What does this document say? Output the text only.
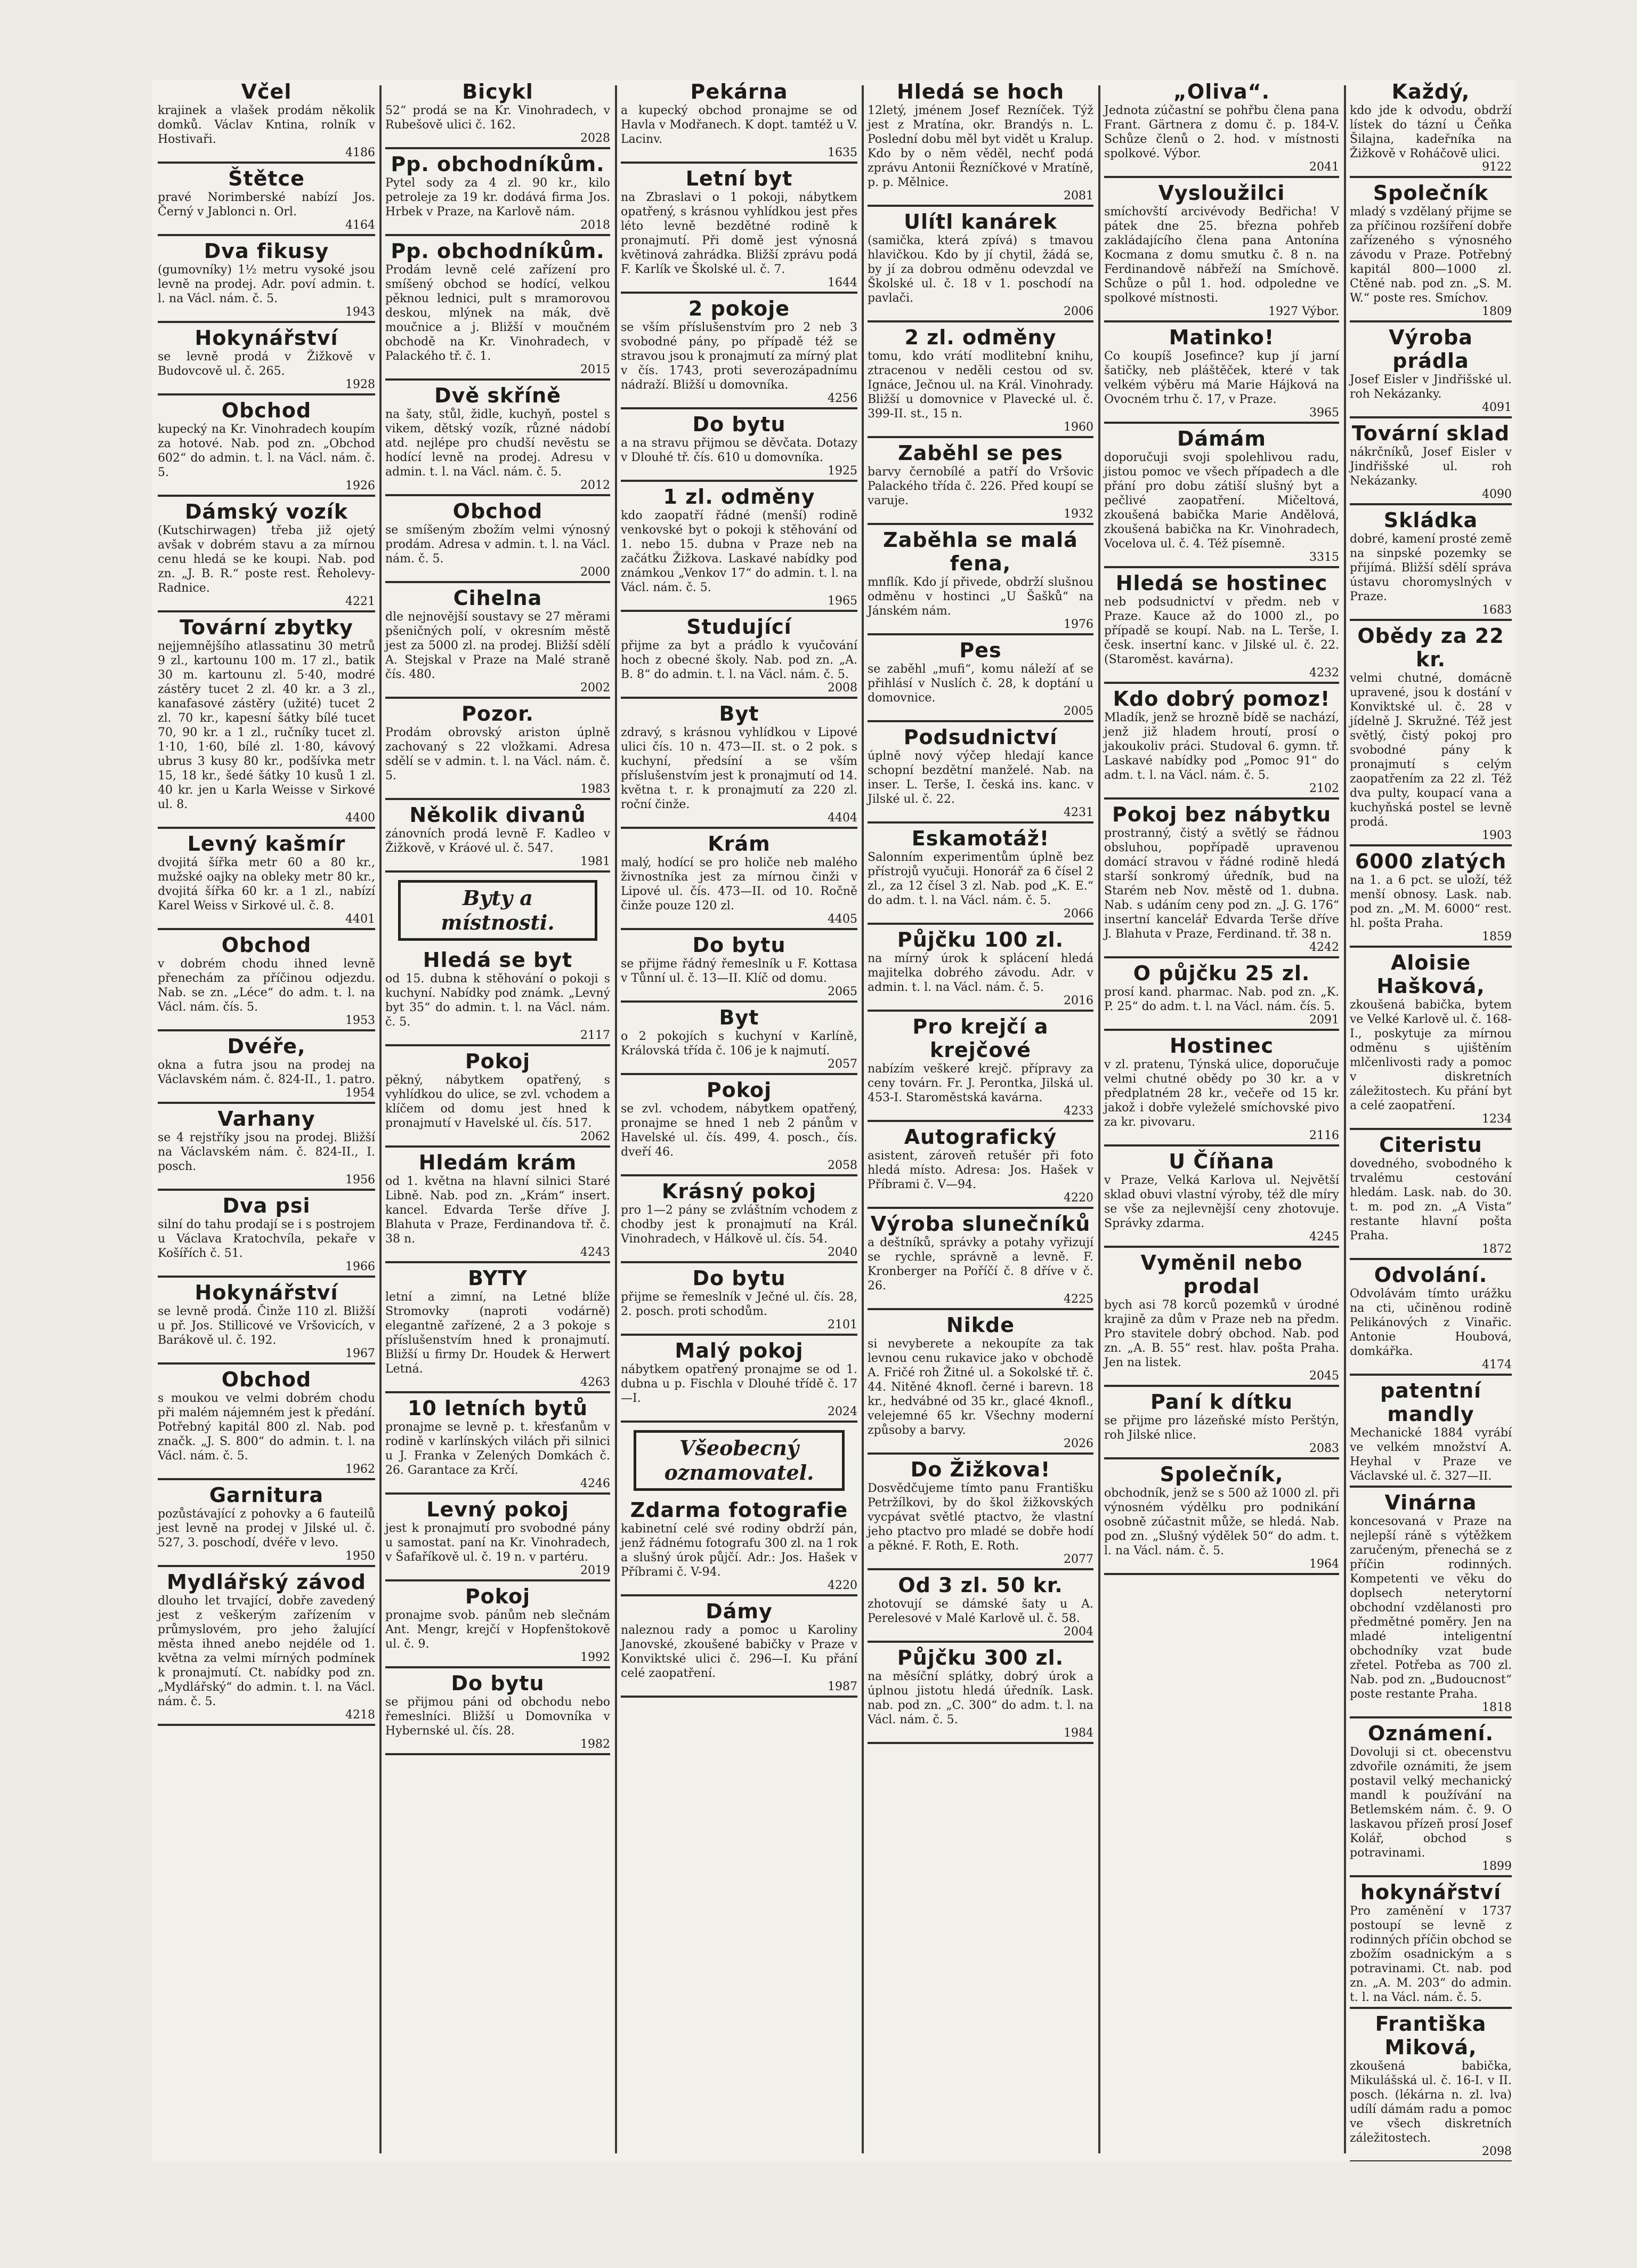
Včel

krajinek a vlašek prodám několik domků. Václav Kntina, rolník v Hostivaři.

4186
Štětce

pravé Norimberské nabízí Jos. Černý v Jablonci n. Orl.

4164
Dva fikusy

(gumovníky) 1½ metru vysoké jsou levně na prodej. Adr. poví admin. t. l. na Václ. nám. č. 5.

1943
Hokynářství

se levně prodá v Žižkově v Budovcově ul. č. 265.

1928
Obchod

kupecký na Kr. Vinohradech koupím za hotové. Nab. pod zn. „Obchod 602“ do admin. t. l. na Václ. nám. č. 5.

1926
Dámský vozík

(Kutschirwagen) třeba již ojetý avšak v dobrém stavu a za mírnou cenu hledá se ke koupi. Nab. pod zn. „J. B. R.“ poste rest. Řeholevy-Radnice.

4221
Tovární zbytky

nejjemnějšího atlassatinu 30 metrů 9 zl., kartounu 100 m. 17 zl., batik 30 m. kartounu zl. 5·40, modré zástěry tucet 2 zl. 40 kr. a 3 zl., kanafasové zástěry (užité) tucet 2 zl. 70 kr., kapesní šátky bílé tucet 70, 90 kr. a 1 zl., ručníky tucet zl. 1·10, 1·60, bílé zl. 1·80, kávový ubrus 3 kusy 80 kr., podšívka metr 15, 18 kr., šedé šátky 10 kusů 1 zl. 40 kr. jen u Karla Weisse v Sirkové ul. 8.

4400
Levný kašmír

dvojitá šířka metr 60 a 80 kr., mužské oajky na obleky metr 80 kr., dvojitá šířka 60 kr. a 1 zl., nabízí Karel Weiss v Sirkové ul. č. 8.

4401
Obchod

v dobrém chodu ihned levně přenechám za příčinou odjezdu. Nab. se zn. „Léce“ do adm. t. l. na Václ. nám. čís. 5.

1953
Dvéře,

okna a futra jsou na prodej na Václavském nám. č. 824-II., 1. patro.

1954
Varhany

se 4 rejstříky jsou na prodej. Bližší na Václavském nám. č. 824-II., I. posch.

1956
Dva psi

silní do tahu prodají se i s postrojem u Václava Kratochvíla, pekaře v Košířích č. 51.

1966
Hokynářství

se levně prodá. Činže 110 zl. Bližší u př. Jos. Stillicové ve Vršovicích, v Barákově ul. č. 192.

1967
Obchod

s moukou ve velmi dobrém chodu při malém nájemném jest k předání. Potřebný kapitál 800 zl. Nab. pod značk. „J. S. 800“ do admin. t. l. na Václ. nám. č. 5.

1962
Garnitura

pozůstávající z pohovky a 6 fauteilů jest levně na prodej v Jilské ul. č. 527, 3. poschodí, dvéře v levo.

1950
Mydlářský závod

dlouho let trvající, dobře zavedený jest z veškerým zařízením v průmyslovém, pro jeho žalující města ihned anebo nejdéle od 1. května za velmi mírných podmínek k pronajmutí. Ct. nabídky pod zn. „Mydlářský“ do admin. t. l. na Václ. nám. č. 5.

4218
Bicykl

52“ prodá se na Kr. Vinohradech, v Rubešově ulici č. 162.

2028
Pp. obchodníkům.

Pytel sody za 4 zl. 90 kr., kilo petroleje za 19 kr. dodává firma Jos. Hrbek v Praze, na Karlově nám.

2018
Pp. obchodníkům.

Prodám levně celé zařízení pro smíšený obchod se hodící, velkou pěknou lednici, pult s mramorovou deskou, mlýnek na mák, dvě moučnice a j. Bližší v moučném obchodě na Kr. Vinohradech, v Palackého tř. č. 1.

2015
Dvě skříně

na šaty, stůl, židle, kuchyň, postel s vikem, dětský vozík, různé nádobí atd. nejlépe pro chudší nevěstu se hodící levně na prodej. Adresu v admin. t. l. na Václ. nám. č. 5.

2012
Obchod

se smíšeným zbožím velmi výnosný prodám. Adresa v admin. t. l. na Václ. nám. č. 5.

2000
Cihelna

dle nejnovější soustavy se 27 měrami pšeničných polí, v okresním městě jest za 5000 zl. na prodej. Bližší sdělí A. Stejskal v Praze na Malé straně čís. 480.

2002
Pozor.

Prodám obrovský ariston úplně zachovaný s 22 vložkami. Adresa sdělí se v admin. t. l. na Václ. nám. č. 5.

1983
Několik divanů

zánovních prodá levně F. Kadleo v Žižkově, v Kráové ul. č. 547.

1981
Byty a místnosti.
Hledá se byt

od 15. dubna k stěhování o pokoji s kuchyní. Nabídky pod známk. „Levný byt 35“ do admin. t. l. na Václ. nám. č. 5.

2117
Pokoj

pěkný, nábytkem opatřený, s vyhlídkou do ulice, se zvl. vchodem a klíčem od domu jest hned k pronajmutí v Havelské ul. čís. 517.

2062
Hledám krám

od 1. května na hlavní silnici Staré Libně. Nab. pod zn. „Krám“ insert. kancel. Edvarda Terše dříve J. Blahuta v Praze, Ferdinandova tř. č. 38 n.

4243
BYTY

letní a zimní, na Letné blíže Stromovky (naproti vodárně) elegantně zařízené, 2 a 3 pokoje s příslušenstvím hned k pronajmutí. Bližší u firmy Dr. Houdek & Herwert Letná.

4263
10 letních bytů

pronajme se levně p. t. křesťanům v rodině v karlínských vilách při silnici u J. Franka v Zelených Domkách č. 26. Garantace za Krčí.

4246
Levný pokoj

jest k pronajmutí pro svobodné pány u samostat. paní na Kr. Vinohradech, v Šafaříkově ul. č. 19 n. v partéru.

2019
Pokoj

pronajme svob. pánům neb slečnám Ant. Mengr, krejčí v Hopfenštokově ul. č. 9.

1992
Do bytu

se přijmou páni od obchodu nebo řemeslníci. Bližší u Domovníka v Hybernské ul. čís. 28.

1982
Pekárna

a kupecký obchod pronajme se od Havla v Modřanech. K dopt. tamtéž u V. Lacinv.

1635
Letní byt

na Zbraslavi o 1 pokoji, nábytkem opatřený, s krásnou vyhlídkou jest přes léto levně bezdětné rodině k pronajmutí. Při domě jest výnosná květinová zahrádka. Bližší zprávu podá F. Karlík ve Školské ul. č. 7.

1644
2 pokoje

se vším příslušenstvím pro 2 neb 3 svobodné pány, po případě též se stravou jsou k pronajmutí za mírný plat v čís. 1743, proti severozápadnímu nádraží. Bližší u domovníka.

4256
Do bytu

a na stravu přijmou se děvčata. Dotazy v Dlouhé tř. čís. 610 u domovníka.

1925
1 zl. odměny

kdo zaopatří řádné (menší) rodině venkovské byt o pokoji k stěhování od 1. nebo 15. dubna v Praze neb na začátku Žižkova. Laskavé nabídky pod známkou „Venkov 17“ do admin. t. l. na Václ. nám. č. 5.

1965
Studující

přijme za byt a prádlo k vyučování hoch z obecné školy. Nab. pod zn. „A. B. 8“ do admin. t. l. na Václ. nám. č. 5.

2008
Byt

zdravý, s krásnou vyhlídkou v Lipové ulici čís. 10 n. 473—II. st. o 2 pok. s kuchyní, předsíní a se vším příslušenstvím jest k pronajmutí od 14. května t. r. k pronajmutí za 220 zl. roční činže.

4404
Krám

malý, hodící se pro holiče neb malého živnostníka jest za mírnou činži v Lipové ul. čís. 473—II. od 10. Ročně činže pouze 120 zl.

4405
Do bytu

se přijme řádný řemeslník u F. Kottasa v Tůnní ul. č. 13—II. Klíč od domu.

2065
Byt

o 2 pokojích s kuchyní v Karlíně, Královská třída č. 106 je k najmutí.

2057
Pokoj

se zvl. vchodem, nábytkem opatřený, pronajme se hned 1 neb 2 pánům v Havelské ul. čís. 499, 4. posch., čís. dveří 46.

2058
Krásný pokoj

pro 1—2 pány se zvláštním vchodem z chodby jest k pronajmutí na Král. Vinohradech, v Hálkově ul. čís. 54.

2040
Do bytu

přijme se řemeslník v Ječné ul. čís. 28, 2. posch. proti schodům.

2101
Malý pokoj

nábytkem opatřený pronajme se od 1. dubna u p. Fischla v Dlouhé třídě č. 17—I.

2024
Všeobecný oznamovatel.
Zdarma fotografie

kabinetní celé své rodiny obdrží pán, jenž řádnému fotografu 300 zl. na 1 rok a slušný úrok půjčí. Adr.: Jos. Hašek v Příbrami č. V-94.

4220
Dámy

naleznou rady a pomoc u Karoliny Janovské, zkoušené babičky v Praze v Konviktské ulici č. 296—I. Ku přání celé zaopatření.

1987
Hledá se hoch

12letý, jménem Josef Rezníček. Týž jest z Mratína, okr. Brandýs n. L. Poslední dobu měl byt vidět u Kralup. Kdo by o něm věděl, nechť podá zprávu Antonii Řezníčkové v Mratíně, p. p. Mělnice.

2081
Ulítl kanárek

(samička, která zpívá) s tmavou hlavičkou. Kdo by jí chytil, žádá se, by jí za dobrou odměnu odevzdal ve Školské ul. č. 18 v 1. poschodí na pavlači.

2006
2 zl. odměny

tomu, kdo vrátí modlitební knihu, ztracenou v neděli cestou od sv. Ignáce, Ječnou ul. na Král. Vinohrady. Bližší u domovnice v Plavecké ul. č. 399-II. st., 15 n.

1960
Zaběhl se pes

barvy černobílé a patří do Vršovic Palackého třída č. 226. Před koupí se varuje.

1932
Zaběhla se malá fena,

mnflík. Kdo jí přivede, obdrží slušnou odměnu v hostinci „U Šašků“ na Jánském nám.

1976
Pes

se zaběhl „mufi“, komu náleží ať se přihlásí v Nuslích č. 28, k doptání u domovnice.

2005
Podsudnictví

úplně nový výčep hledají kance schopní bezdětní manželé. Nab. na inser. L. Terše, I. česká ins. kanc. v Jilské ul. č. 22.

4231
Eskamotáž!

Salonním experimentům úplně bez přístrojů vyučuji. Honorář za 6 čísel 2 zl., za 12 čísel 3 zl. Nab. pod „K. E.“ do adm. t. l. na Václ. nám. č. 5.

2066
Půjčku 100 zl.

na mírný úrok k splácení hledá majitelka dobrého závodu. Adr. v admin. t. l. na Václ. nám. č. 5.

2016
Pro krejčí a krejčové

nabízím veškeré krejč. přípravy za ceny továrn. Fr. J. Perontka, Jilská ul. 453-I. Staroměstská kavárna.

4233
Autografický

asistent, zároveň retušér při foto hledá místo. Adresa: Jos. Hašek v Příbrami č. V—94.

4220
Výroba slunečníků

a deštníků, správky a potahy vyřizují se rychle, správně a levně. F. Kronberger na Poříčí č. 8 dříve v č. 26.

4225
Nikde

si nevyberete a nekoupíte za tak levnou cenu rukavice jako v obchodě A. Fričé roh Žitné ul. a Sokolské tř. č. 44. Nitěné 4knofl. černé i barevn. 18 kr., hedvábné od 35 kr., glacé 4knofl., velejemné 65 kr. Všechny moderní způsoby a barvy.

2026
Do Žižkova!

Dosvědčujeme tímto panu Františku Petržílkovi, by do škol žižkovských vycpávat světlé ptactvo, že vlastní jeho ptactvo pro mladé se dobře hodí a pěkné. F. Roth, E. Roth.

2077
Od 3 zl. 50 kr.

zhotovují se dámské šaty u A. Perelesové v Malé Karlově ul. č. 58.

2004
Půjčku 300 zl.

na měsíční splátky, dobrý úrok a úplnou jistotu hledá úředník. Lask. nab. pod zn. „C. 300“ do adm. t. l. na Václ. nám. č. 5.

1984
„Oliva“.

Jednota zúčastní se pohřbu člena pana Frant. Gärtnera z domu č. p. 184-V. Schůze členů o 2. hod. v místnosti spolkové. Výbor.

2041
Vysloužilci

smíchovští arcivévody Bedřicha! V pátek dne 25. března pohřeb zakládajícího člena pana Antonína Kocmana z domu smutku č. 8 n. na Ferdinandově nábřeží na Smíchově. Schůze o půl 1. hod. odpoledne ve spolkové místnosti.

1927 Výbor.
Matinko!

Co koupíš Josefince? kup jí jarní šatičky, neb pláštěček, které v tak velkém výběru má Marie Hájková na Ovocném trhu č. 17, v Praze.

3965
Dámám

doporučuji svoji spolehlivou radu, jistou pomoc ve všech případech a dle přání pro dobu zátiší slušný byt a pečlivé zaopatření. Mičeltová, zkoušená babička Marie Andělová, zkoušená babička na Kr. Vinohradech, Vocelova ul. č. 4. Též písemně.

3315
Hledá se hostinec

neb podsudnictví v předm. neb v Praze. Kauce až do 1000 zl., po případě se koupí. Nab. na L. Terše, I. česk. insertní kanc. v Jilské ul. č. 22. (Staroměst. kavárna).

4232
Kdo dobrý pomoz!

Mladík, jenž se hrozně bídě se nachází, jenž již hladem hroutí, prosí o jakoukoliv práci. Studoval 6. gymn. tř. Laskavé nabídky pod „Pomoc 91“ do adm. t. l. na Václ. nám. č. 5.

2102
Pokoj bez nábytku

prostranný, čistý a světlý se řádnou obsluhou, popřípadě upravenou domácí stravou v řádné rodině hledá starší sonkromý úředník, bud na Starém neb Nov. městě od 1. dubna. Nab. s udáním ceny pod zn. „J. G. 176“ insertní kancelář Edvarda Terše dříve J. Blahuta v Praze, Ferdinand. tř. 38 n.

4242
O půjčku 25 zl.

prosí kand. pharmac. Nab. pod zn. „K. P. 25“ do adm. t. l. na Václ. nám. čís. 5.

2091
Hostinec

v zl. pratenu, Týnská ulice, doporučuje velmi chutné obědy po 30 kr. a v předplatném 28 kr., večeře od 15 kr. jakož i dobře vyleželé smíchovské pivo za kr. pivovaru.

2116
U Číňana

v Praze, Velká Karlova ul. Největší sklad obuvi vlastní výroby, též dle míry se vše za nejlevnější ceny zhotovuje. Správky zdarma.

4245
Vyměnil nebo prodal

bych asi 78 korců pozemků v úrodné krajině za dům v Praze neb na předm. Pro stavitele dobrý obchod. Nab. pod zn. „A. B. 55“ rest. hlav. pošta Praha. Jen na listek.

2045
Paní k dítku

se přijme pro lázeňské místo Perštýn, roh Jilské nlice.

2083
Společník,

obchodník, jenž se s 500 až 1000 zl. při výnosném výdělku pro podnikání osobně zúčastnit může, se hledá. Nab. pod zn. „Slušný výdělek 50“ do adm. t. l. na Václ. nám. č. 5.

1964
Každý,

kdo jde k odvodu, obdrží lístek do tázní u Čeňka Šilajna, kadeřníka na Žižkově v Roháčově ulici.

9122
Společník

mladý s vzdělaný přijme se za příčinou rozšíření dobře zařízeného s výnosného závodu v Praze. Potřebný kapitál 800—1000 zl. Ctěné nab. pod zn. „S. M. W.“ poste res. Smíchov.

1809
Výroba prádla

Josef Eisler v Jindřišské ul. roh Nekázanky.

4091
Tovární sklad

nákrčníků, Josef Eisler v Jindřišské ul. roh Nekázanky.

4090
Skládka

dobré, kamení prosté země na sinpské pozemky se přijímá. Bližší sdělí správa ústavu choromyslných v Praze.

1683
Obědy za 22 kr.

velmi chutné, domácně upravené, jsou k dostání v Konviktské ul. č. 28 v jídelně J. Skružné. Též jest světlý, čistý pokoj pro svobodné pány k pronajmutí s celým zaopatřením za 22 zl. Též dva pulty, koupací vana a kuchyňská postel se levně prodá.

1903
6000 zlatých

na 1. a 6 pct. se uloží, též menší obnosy. Lask. nab. pod zn. „M. M. 6000“ rest. hl. pošta Praha.

1859
Aloisie Hašková,

zkoušená babička, bytem ve Velké Karlově ul. č. 168-I., poskytuje za mírnou odměnu s ujištěním mlčenlivosti rady a pomoc v diskretních záležitostech. Ku přání byt a celé zaopatření.

1234
Citeristu

dovedného, svobodného k trvalému cestování hledám. Lask. nab. do 30. t. m. pod zn. „A Vista“ restante hlavní pošta Praha.

1872
Odvolání.

Odvolávám tímto urážku na cti, učiněnou rodině Pelikánových z Vinařic. Antonie Houbová, domkářka.

4174
patentní mandly

Mechanické 1884 vyrábí ve velkém množství A. Heyhal v Praze ve Václavské ul. č. 327—II.

Vinárna

koncesovaná v Praze na nejlepší ráně s výtěžkem zaručeným, přenechá se z příčin rodinných. Kompetenti ve věku do doplsech neterytorní obchodní vzdělanosti pro předmětné poměry. Jen na mladé inteligentní obchodníky vzat bude zřetel. Potřeba as 700 zl. Nab. pod zn. „Budoucnost“ poste restante Praha.

1818
Oznámení.

Dovoluji si ct. obecenstvu zdvořile oznámiti, že jsem postavil velký mechanický mandl k používání na Betlemském nám. č. 9. O laskavou přízeň prosí Josef Kolář, obchod s potravinami.

1899
hokynářství

Pro zaměnění v 1737 postoupí se levně z rodinných příčin obchod se zbožím osadnickým a s potravinami. Ct. nab. pod zn. „A. M. 203“ do admin. t. l. na Václ. nám. č. 5.

Františka Miková,

zkoušená babička, Mikulášská ul. č. 16-I. v II. posch. (lékárna n. zl. lva) udílí dámám radu a pomoc ve všech diskretních záležitostech.

2098
